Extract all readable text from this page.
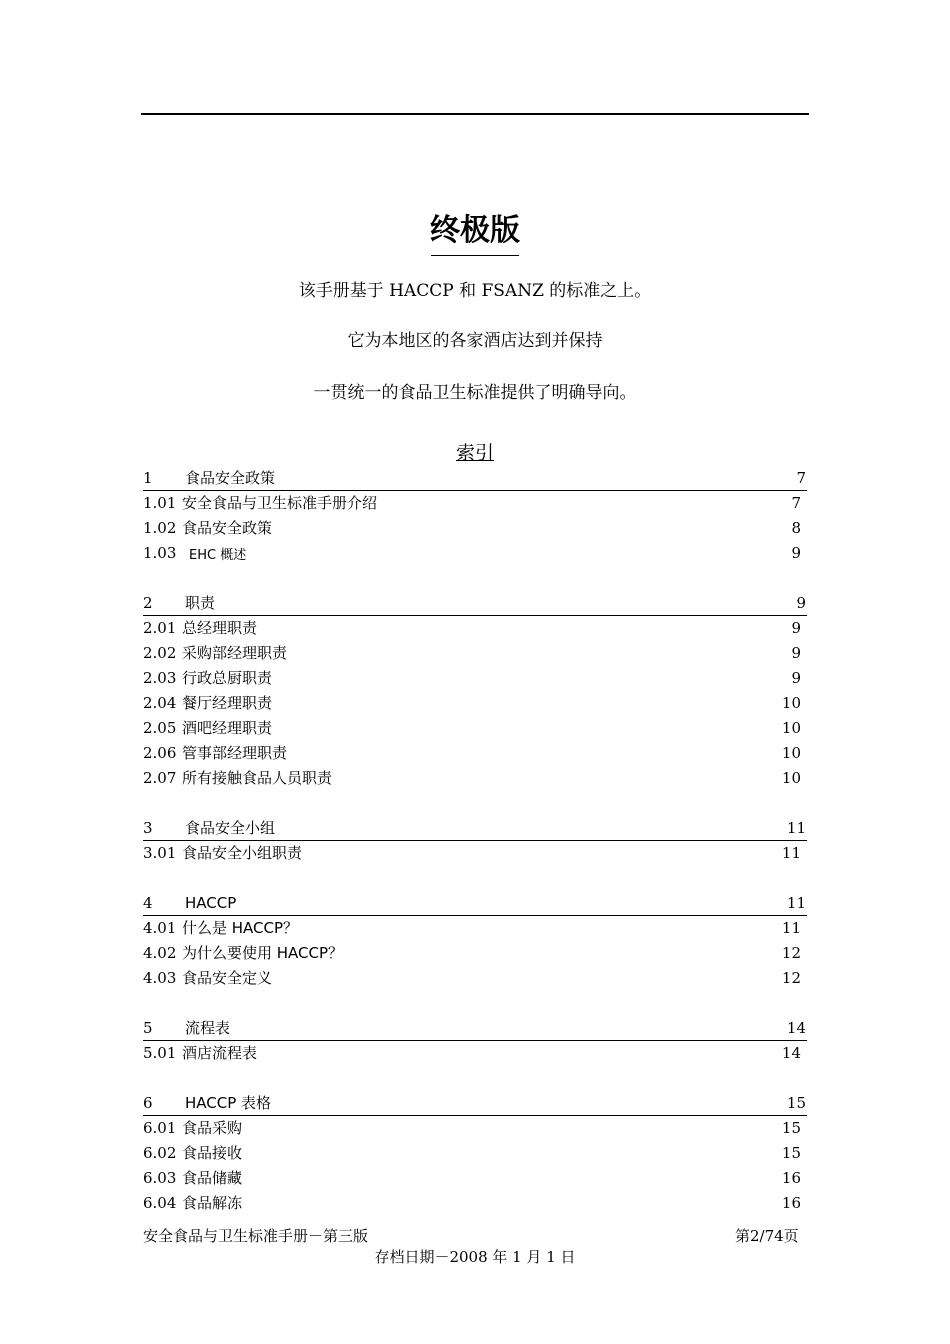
终极版
该手册基于 HACCP 和 FSANZ 的标准之上。
它为本地区的各家酒店达到并保持
一贯统一的食品卫生标准提供了明确导向。
索引
1 食品安全政策	7
1.01 安全食品与卫生标准手册介绍	7
1.02 食品安全政策	8
1.03 EHC 概述	9
2 职责	9
2.01 总经理职责	9
2.02 采购部经理职责	9
2.03 行政总厨职责	9
2.04 餐厅经理职责	10
2.05 酒吧经理职责	10
2.06 管事部经理职责	10
2.07 所有接触食品人员职责	10
3 食品安全小组	11
3.01 食品安全小组职责	11
4 HACCP	11
4.01 什么是 HACCP？	11
4.02 为什么要使用 HACCP？	12
4.03 食品安全定义	12
5 流程表	14
5.01 酒店流程表	14
6 HACCP 表格	15
6.01 食品采购	15
6.02 食品接收	15
6.03 食品储藏	16
6.04 食品解冻	16
安全食品与卫生标准手册－第三版	第2/74页
存档日期－2008 年 1 月 1 日
